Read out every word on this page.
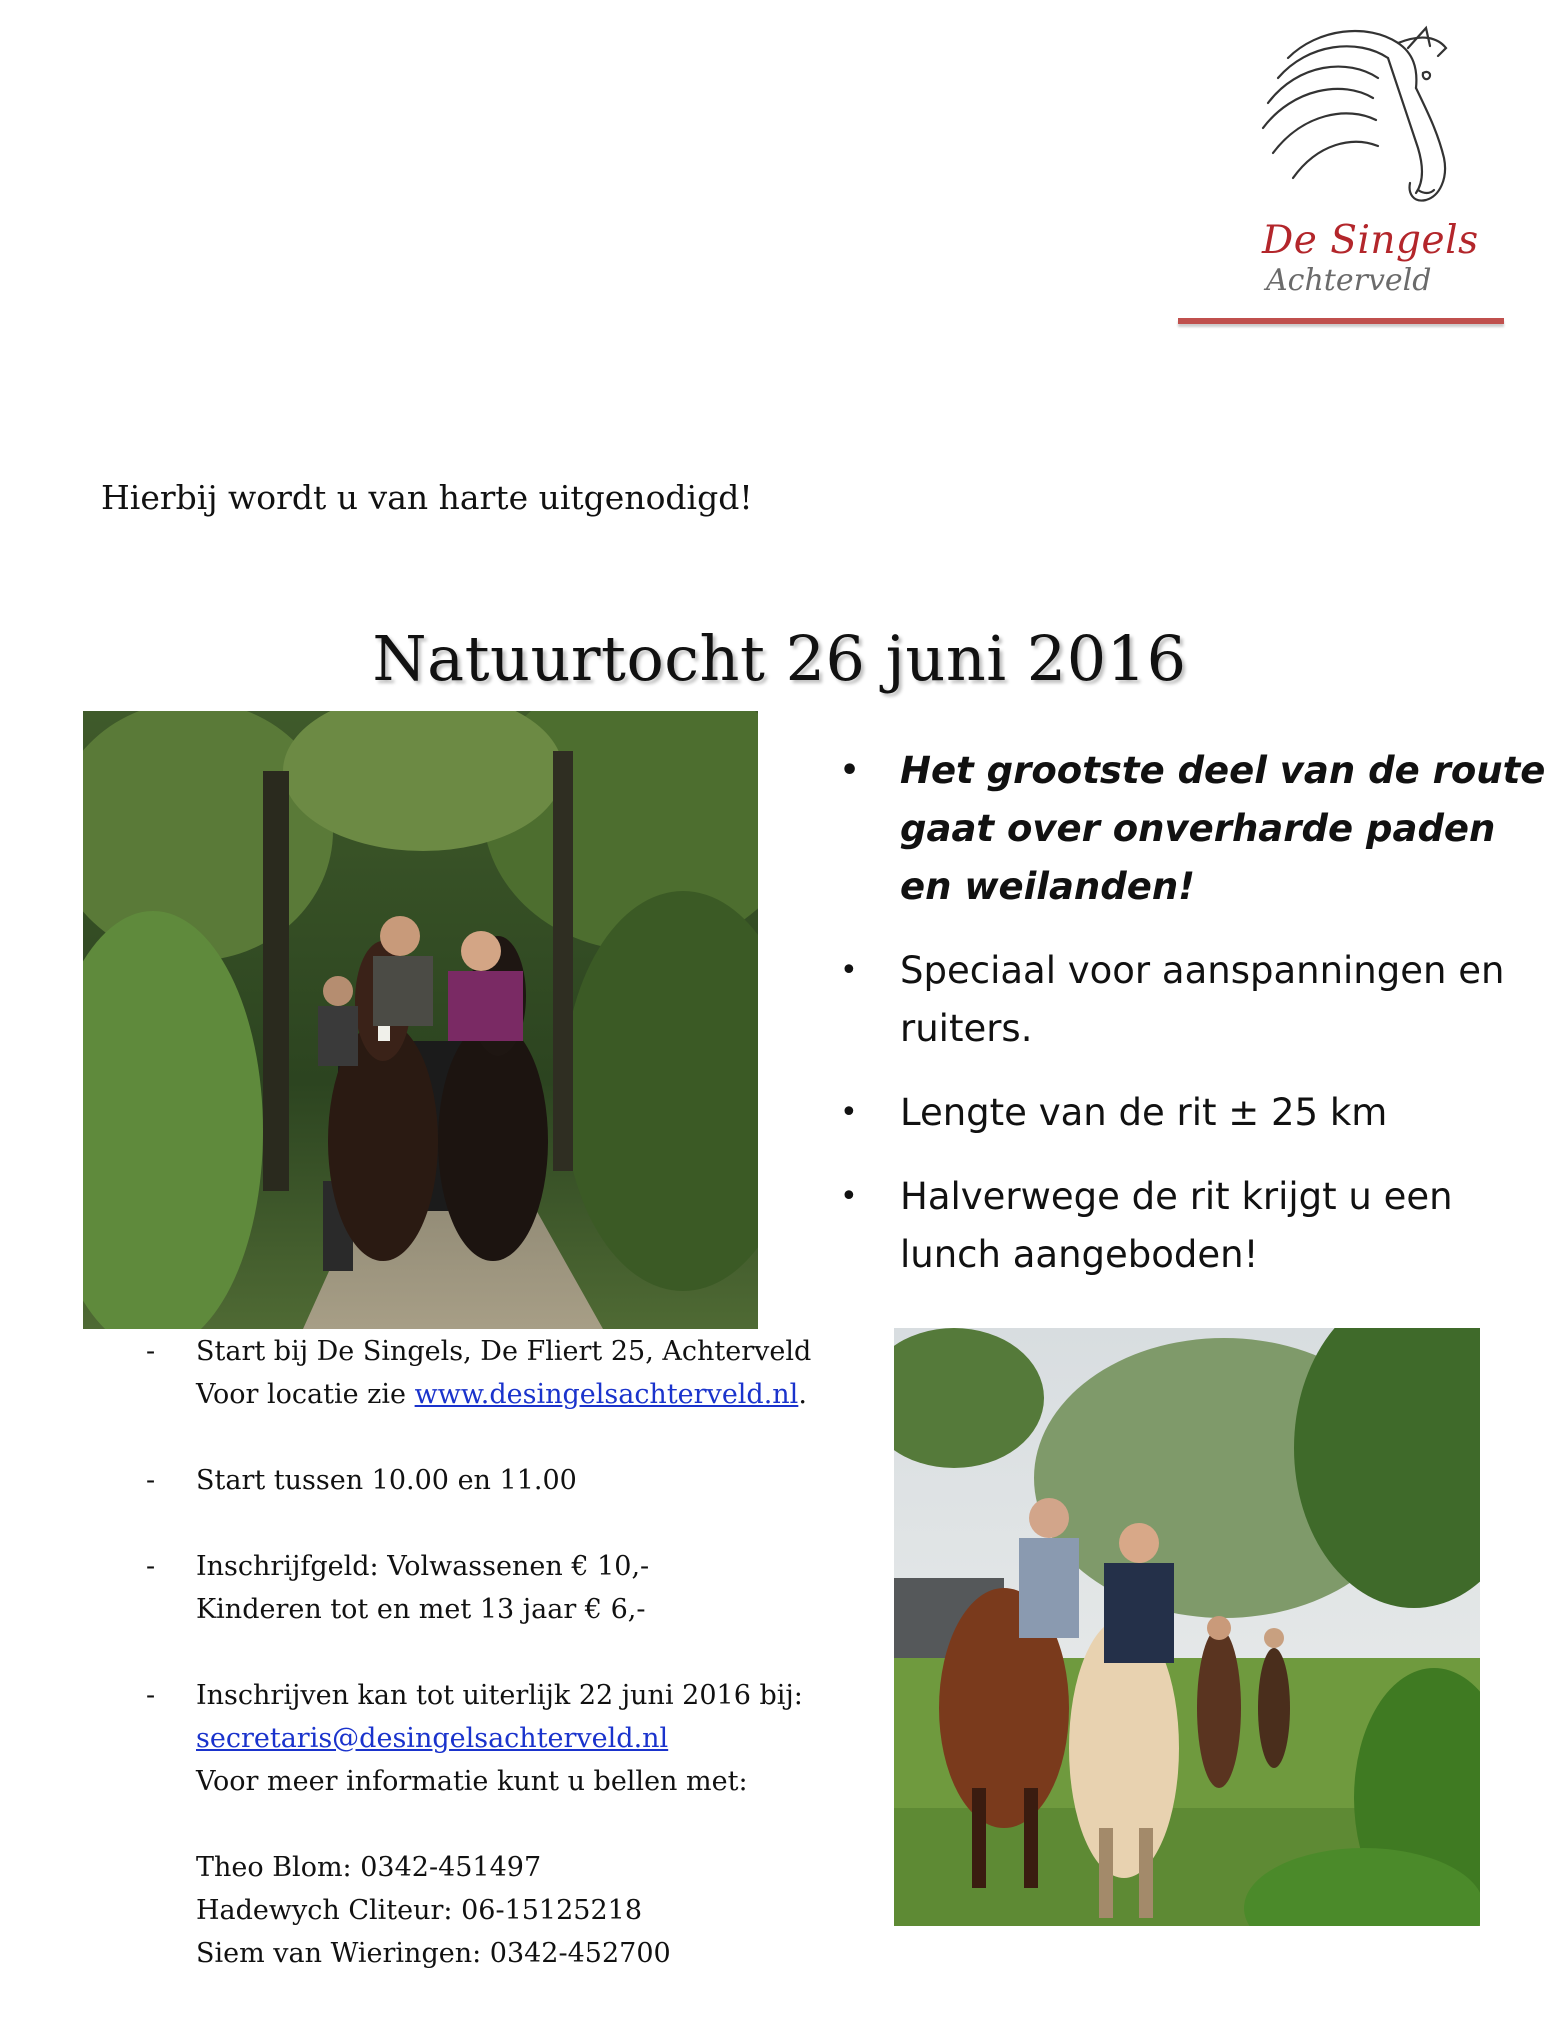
De Singels
Achterveld
Hierbij wordt u van harte uitgenodigd!
Natuurtocht 26 juni 2016
• Het grootste deel van de route gaat over onverharde paden en weilanden!
• Speciaal voor aanspanningen en ruiters.
• Lengte van de rit ± 25 km
• Halverwege de rit krijgt u een lunch aangeboden!
- Start bij De Singels, De Fliert 25, Achterveld
Voor locatie zie www.desingelsachterveld.nl.
- Start tussen 10.00 en 11.00
- Inschrijfgeld: Volwassenen € 10,-
Kinderen tot en met 13 jaar € 6,-
- Inschrijven kan tot uiterlijk 22 juni 2016 bij:
secretaris@desingelsachterveld.nl
Voor meer informatie kunt u bellen met:
Theo Blom: 0342-451497
Hadewych Cliteur: 06-15125218
Siem van Wieringen: 0342-452700
